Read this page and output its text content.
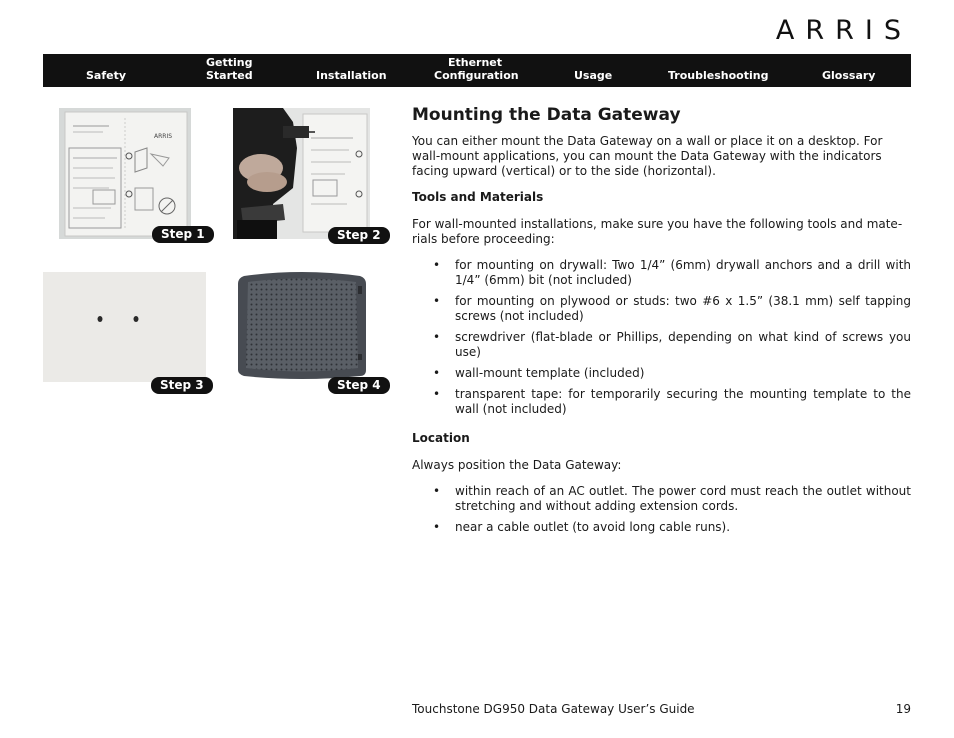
ARRIS
Safety
Getting
Started	Installation
Ethernet
Configuration	Usage	Troubleshooting	Glossary
ARRIS
Step 1	Step 2
Step 3	Step 4
Mounting the Data Gateway

You can either mount the Data Gateway on a wall or place it on a desktop. For wall-mount applications, you can mount the Data Gateway with the indicators facing upward (vertical) or to the side (horizontal).

Tools and Materials

For wall-mounted installations, make sure you have the following tools and mate-rials before proceeding:

• for mounting on drywall: Two 1/4” (6mm) drywall anchors and a drill with 1/4” (6mm) bit (not included)
• for mounting on plywood or studs: two #6 x 1.5” (38.1 mm) self tapping screws (not included)
• screwdriver (flat-blade or Phillips, depending on what kind of screws you use)
• wall-mount template (included)
• transparent tape: for temporarily securing the mounting template to the wall (not included)
Location

Always position the Data Gateway:

• within reach of an AC outlet. The power cord must reach the outlet without stretching and without adding extension cords.
• near a cable outlet (to avoid long cable runs).
Touchstone DG950 Data Gateway User’s Guide	19
